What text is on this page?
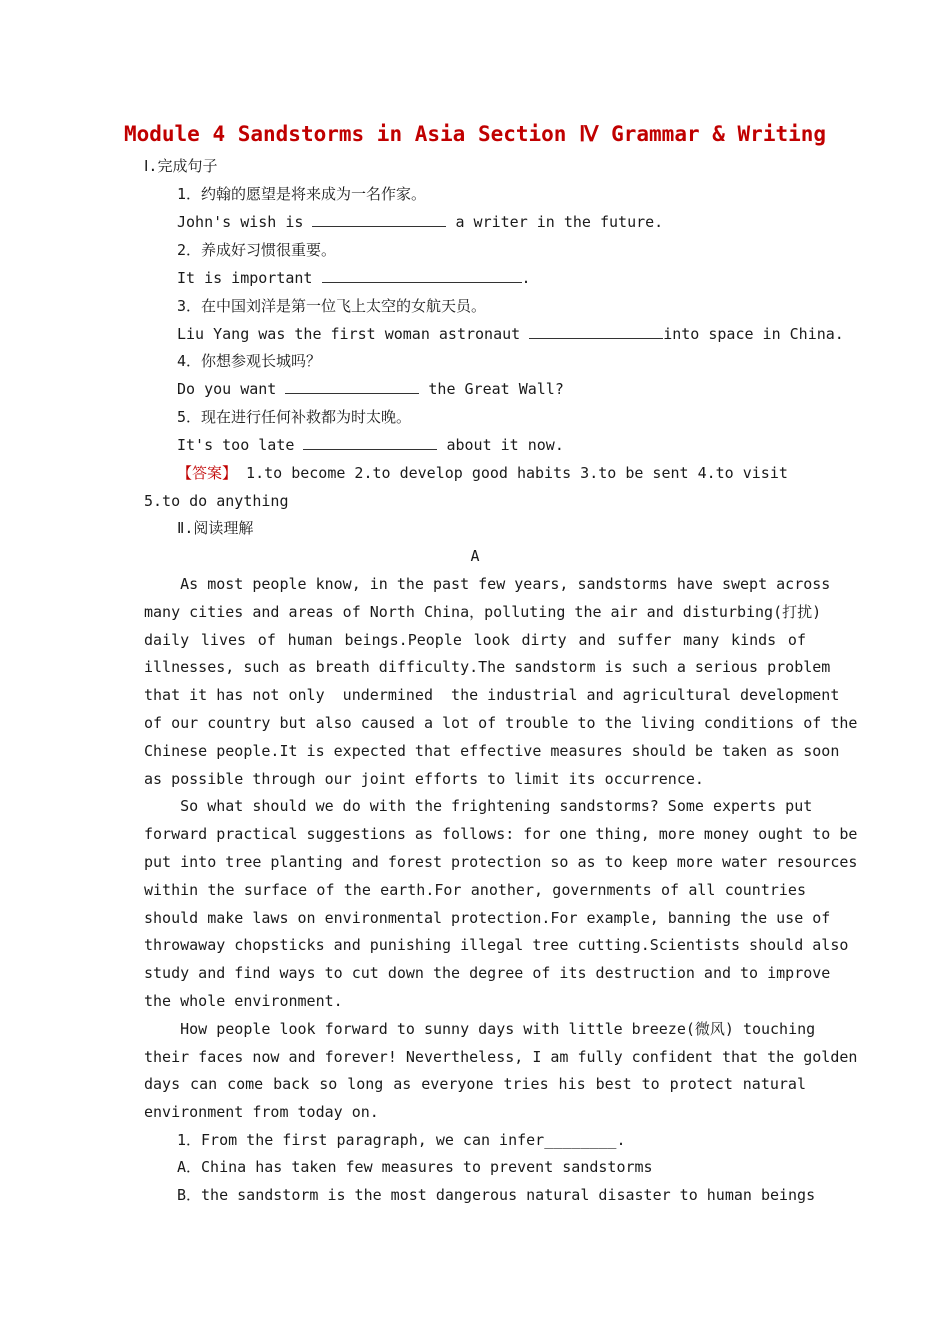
Module 4 Sandstorms in Asia Section Ⅳ Grammar & Writing
Ⅰ.完成句子
1．约翰的愿望是将来成为一名作家。
John's wish is	a writer in the future.
2．养成好习惯很重要。
It is important	.
3．在中国刘洋是第一位飞上太空的女航天员。
Liu Yang was the first woman astronaut	into space in China.
4．你想参观长城吗？
Do you want	the Great Wall?
5．现在进行任何补救都为时太晚。
It's too late	about it now.
【答案】 1.to become 2.to develop good habits 3.to be sent 4.to visit
5.to do anything
Ⅱ.阅读理解
A
As most people know, in the past few years, sandstorms have swept across
many cities and areas of North China，polluting the air and disturbing(打扰)
daily lives of human beings.People look dirty and suffer many kinds of
illnesses, such as breath difficulty.The sandstorm is such a serious problem
that it has not only  undermined  the industrial and agricultural development
of our country but also caused a lot of trouble to the living conditions of the
Chinese people.It is expected that effective measures should be taken as soon
as possible through our joint efforts to limit its occurrence.
So what should we do with the frightening sandstorms? Some experts put
forward practical suggestions as follows: for one thing, more money ought to be
put into tree planting and forest protection so as to keep more water resources
within the surface of the earth.For another, governments of all countries
should make laws on environmental protection.For example, banning the use of
throwaway chopsticks and punishing illegal tree cutting.Scientists should also
study and find ways to cut down the degree of its destruction and to improve
the whole environment.
How people look forward to sunny days with little breeze(微风) touching
their faces now and forever! Nevertheless, I am fully confident that the golden
days can come back so long as everyone tries his best to protect natural
environment from today on.
1．From the first paragraph, we can infer________.
A．China has taken few measures to prevent sandstorms
B．the sandstorm is the most dangerous natural disaster to human beings
